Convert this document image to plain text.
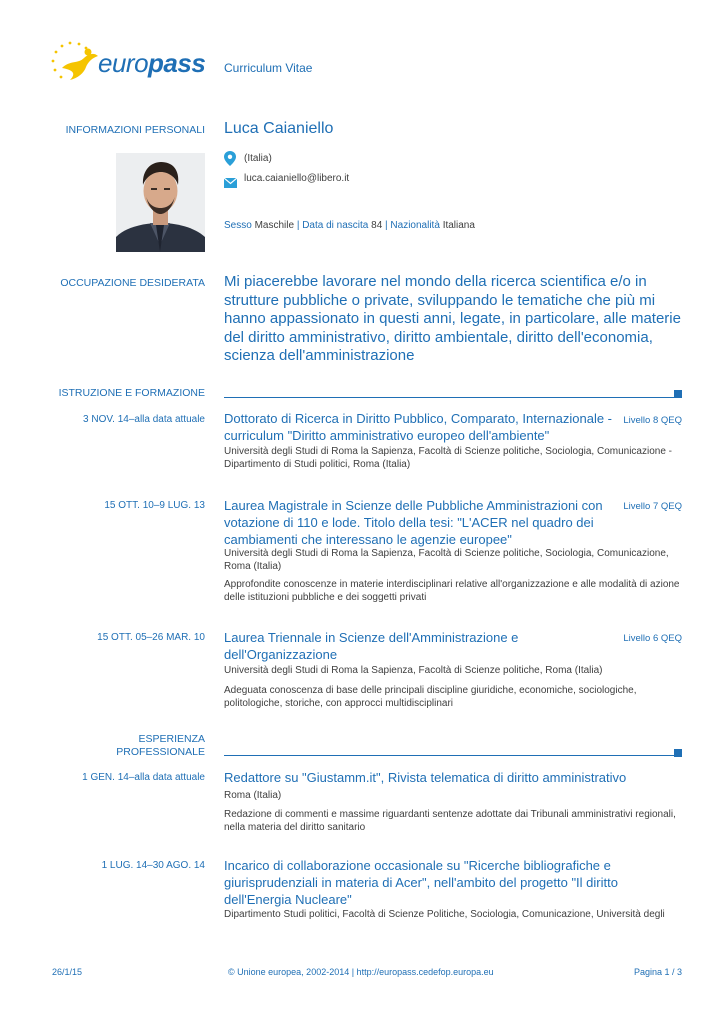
europass Curriculum Vitae
INFORMAZIONI PERSONALI Luca Caianiello
(Italia)
luca.caianiello@libero.it
Sesso Maschile | Data di nascita 84 | Nazionalità Italiana
OCCUPAZIONE DESIDERATA Mi piacerebbe lavorare nel mondo della ricerca scientifica e/o in strutture pubbliche o private, sviluppando le tematiche che più mi hanno appassionato in questi anni, legate, in particolare, alle materie del diritto amministrativo, diritto ambientale, diritto dell'economia, scienza dell'amministrazione
ISTRUZIONE E FORMAZIONE
3 NOV. 14–alla data attuale Dottorato di Ricerca in Diritto Pubblico, Comparato, Internazionale - curriculum "Diritto amministrativo europeo dell'ambiente"
Livello 8 QEQ
Università degli Studi di Roma la Sapienza, Facoltà di Scienze politiche, Sociologia, Comunicazione - Dipartimento di Studi politici, Roma (Italia)
15 OTT. 10–9 LUG. 13 Laurea Magistrale in Scienze delle Pubbliche Amministrazioni con votazione di 110 e lode. Titolo della tesi: "L'ACER nel quadro dei cambiamenti che interessano le agenzie europee"
Livello 7 QEQ
Università degli Studi di Roma la Sapienza, Facoltà di Scienze politiche, Sociologia, Comunicazione, Roma (Italia)
Approfondite conoscenze in materie interdisciplinari relative all'organizzazione e alle modalità di azione delle istituzioni pubbliche e dei soggetti privati
15 OTT. 05–26 MAR. 10 Laurea Triennale in Scienze dell'Amministrazione e dell'Organizzazione
Livello 6 QEQ
Università degli Studi di Roma la Sapienza, Facoltà di Scienze politiche, Roma (Italia)
Adeguata conoscenza di base delle principali discipline giuridiche, economiche, sociologiche, politologiche, storiche, con approcci multidisciplinari
ESPERIENZA
PROFESSIONALE
1 GEN. 14–alla data attuale Redattore su "Giustamm.it", Rivista telematica di diritto amministrativo
Roma (Italia)
Redazione di commenti e massime riguardanti sentenze adottate dai Tribunali amministrativi regionali, nella materia del diritto sanitario
1 LUG. 14–30 AGO. 14 Incarico di collaborazione occasionale su "Ricerche bibliografiche e giurisprudenziali in materia di Acer", nell'ambito del progetto "Il diritto dell'Energia Nucleare"
Dipartimento Studi politici, Facoltà di Scienze Politiche, Sociologia, Comunicazione, Università degli
26/1/15	© Unione europea, 2002-2014 | http://europass.cedefop.europa.eu	Pagina 1 / 3
